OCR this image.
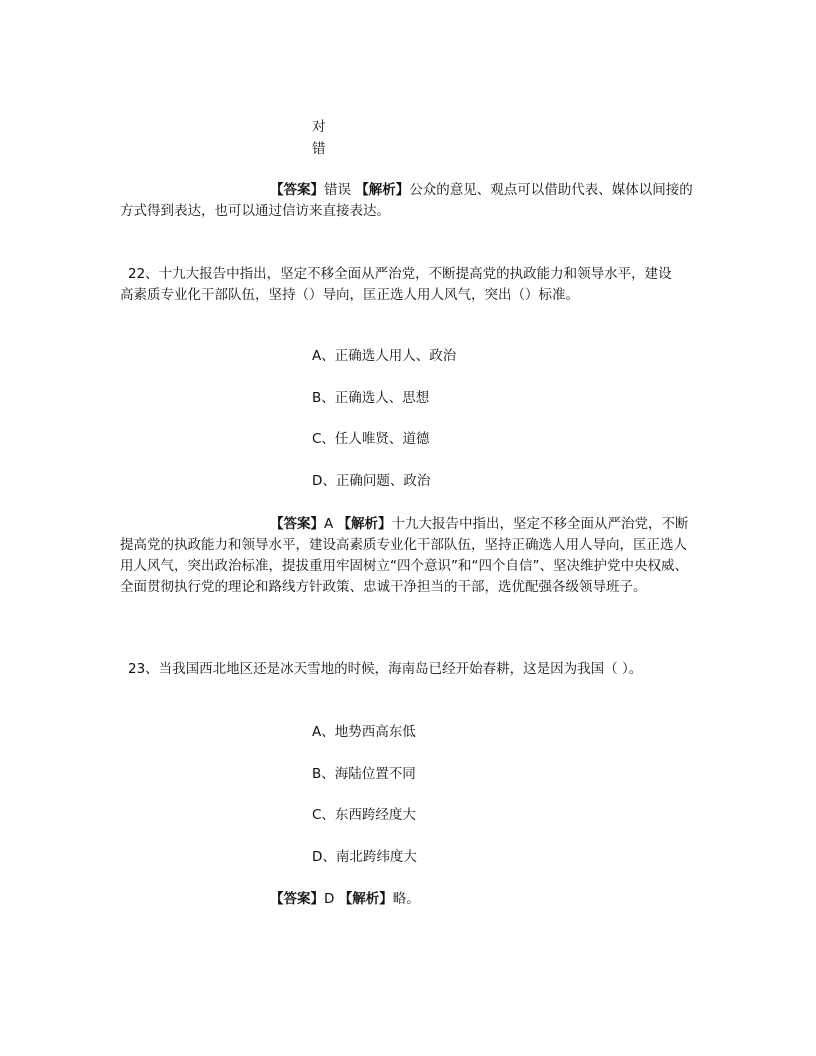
对
错
【答案】错误 【解析】公众的意见、观点可以借助代表、媒体以间接的方式得到表达，也可以通过信访来直接表达。
22、十九大报告中指出，坚定不移全面从严治党，不断提高党的执政能力和领导水平，建设
高素质专业化干部队伍，坚持（）导向，匡正选人用人风气，突出（）标准。
A、正确选人用人、政治
B、正确选人、思想
C、任人唯贤、道德
D、正确问题、政治
【答案】A 【解析】十九大报告中指出，坚定不移全面从严治党，不断提高党的执政能力和领导水平，建设高素质专业化干部队伍，坚持正确选人用人导向，匡正选人用人风气，突出政治标准，提拔重用牢固树立“四个意识”和“四个自信”、坚决维护党中央权威、全面贯彻执行党的理论和路线方针政策、忠诚干净担当的干部，选优配强各级领导班子。
23、当我国西北地区还是冰天雪地的时候，海南岛已经开始春耕，这是因为我国（ ）。
A、地势西高东低
B、海陆位置不同
C、东西跨经度大
D、南北跨纬度大
【答案】D 【解析】略。
